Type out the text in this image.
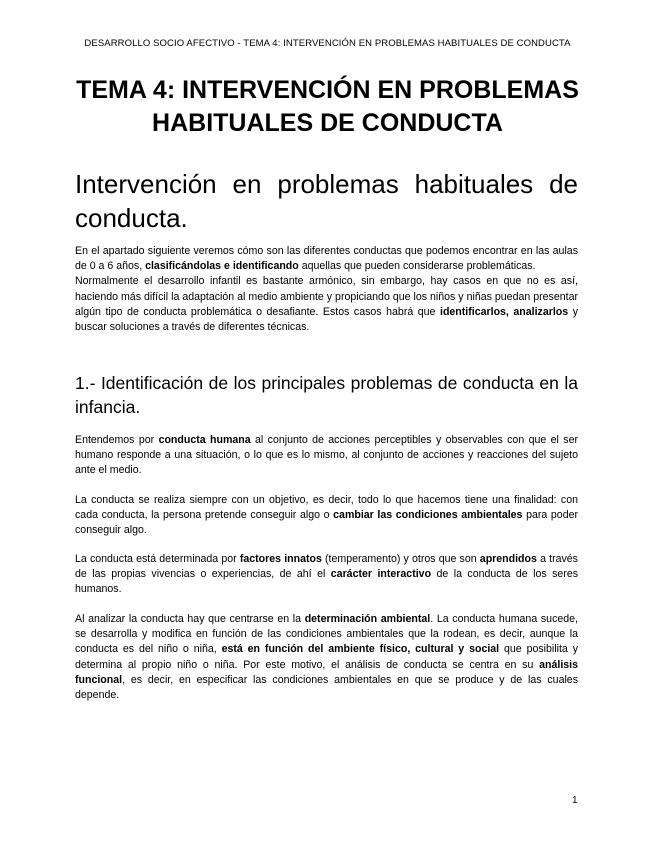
DESARROLLO SOCIO AFECTIVO - TEMA 4: INTERVENCIÓN EN PROBLEMAS HABITUALES DE CONDUCTA
TEMA 4: INTERVENCIÓN EN PROBLEMAS
HABITUALES DE CONDUCTA
Intervención en problemas habituales de conducta.
En el apartado siguiente veremos cómo son las diferentes conductas que podemos encontrar en las aulas de 0 a 6 años, clasificándolas e identificando aquellas que pueden considerarse problemáticas.
Normalmente el desarrollo infantil es bastante armónico, sin embargo, hay casos en que no es así, haciendo más difícil la adaptación al medio ambiente y propiciando que los niños y niñas puedan presentar algún tipo de conducta problemática o desafiante. Estos casos habrá que identificarlos, analizarlos y buscar soluciones a través de diferentes técnicas.
1.- Identificación de los principales problemas de conducta en la infancia.

Entendemos por conducta humana al conjunto de acciones perceptibles y observables con que el ser humano responde a una situación, o lo que es lo mismo, al conjunto de acciones y reacciones del sujeto ante el medio.

La conducta se realiza siempre con un objetivo, es decir, todo lo que hacemos tiene una finalidad: con cada conducta, la persona pretende conseguir algo o cambiar las condiciones ambientales para poder conseguir algo.

La conducta está determinada por factores innatos (temperamento) y otros que son aprendidos a través de las propias vivencias o experiencias, de ahí el carácter interactivo de la conducta de los seres humanos.

Al analizar la conducta hay que centrarse en la determinación ambiental. La conducta humana sucede, se desarrolla y modifica en función de las condiciones ambientales que la rodean, es decir, aunque la conducta es del niño o niña, está en función del ambiente físico, cultural y social que posibilita y determina al propio niño o niña. Por este motivo, el análisis de conducta se centra en su análisis funcional, es decir, en especificar las condiciones ambientales en que se produce y de las cuales depende.

1
